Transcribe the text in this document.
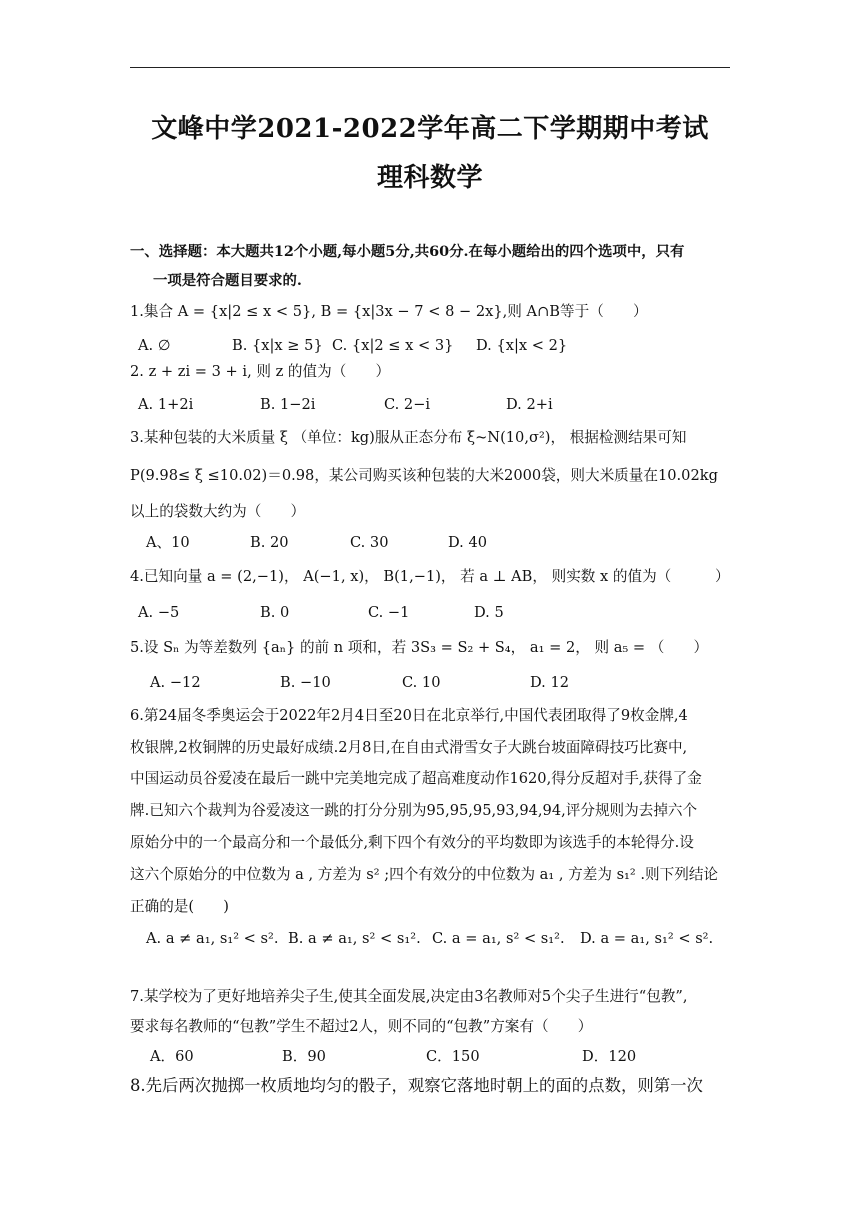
文峰中学2021-2022学年高二下学期期中考试
理科数学
一、选择题：本大题共12个小题,每小题5分,共60分.在每小题给出的四个选项中，只有
一项是符合题目要求的.
1.集合 A = {x|2 ≤ x < 5}, B = {x|3x − 7 < 8 − 2x},则 A∩B等于（　　）
A. ∅	B. {x|x ≥ 5} C. {x|2 ≤ x < 3} D. {x|x < 2}
2. z + zi = 3 + i, 则 z 的值为（　　）
A. 1+2i	B. 1−2i	C. 2−i	D. 2+i
3.某种包装的大米质量 ξ （单位：kg)服从正态分布 ξ~N(10,σ²)， 根据检测结果可知
P(9.98≤ ξ ≤10.02)＝0.98，某公司购买该种包装的大米2000袋，则大米质量在10.02kg
以上的袋数大约为（　　）
A、10	B. 20	C. 30	D. 40
4.已知向量 a = (2,−1)， A(−1, x)， B(1,−1)， 若 a ⊥ AB， 则实数 x 的值为（　　　）
A. −5	B. 0	C. −1	D. 5
5.设 Sₙ 为等差数列 {aₙ} 的前 n 项和，若 3S₃ = S₂ + S₄， a₁ = 2， 则 a₅ = （　　）
A. −12	B. −10	C. 10	D. 12
6.第24届冬季奥运会于2022年2月4日至20日在北京举行,中国代表团取得了9枚金牌,4
枚银牌,2枚铜牌的历史最好成绩.2月8日,在自由式滑雪女子大跳台坡面障碍技巧比赛中,
中国运动员谷爱凌在最后一跳中完美地完成了超高难度动作1620,得分反超对手,获得了金
牌.已知六个裁判为谷爱凌这一跳的打分分别为95,95,95,93,94,94,评分规则为去掉六个
原始分中的一个最高分和一个最低分,剩下四个有效分的平均数即为该选手的本轮得分.设
这六个原始分的中位数为 a , 方差为 s² ;四个有效分的中位数为 a₁ , 方差为 s₁² .则下列结论
正确的是(　　)
A. a ≠ a₁, s₁² < s². B. a ≠ a₁, s² < s₁². C. a = a₁, s² < s₁². D. a = a₁, s₁² < s².
7.某学校为了更好地培养尖子生,使其全面发展,决定由3名教师对5个尖子生进行“包教”,
要求每名教师的“包教”学生不超过2人，则不同的“包教”方案有（　　）
A．60	B．90	C．150	D．120
8.先后两次抛掷一枚质地均匀的骰子，观察它落地时朝上的面的点数，则第一次
